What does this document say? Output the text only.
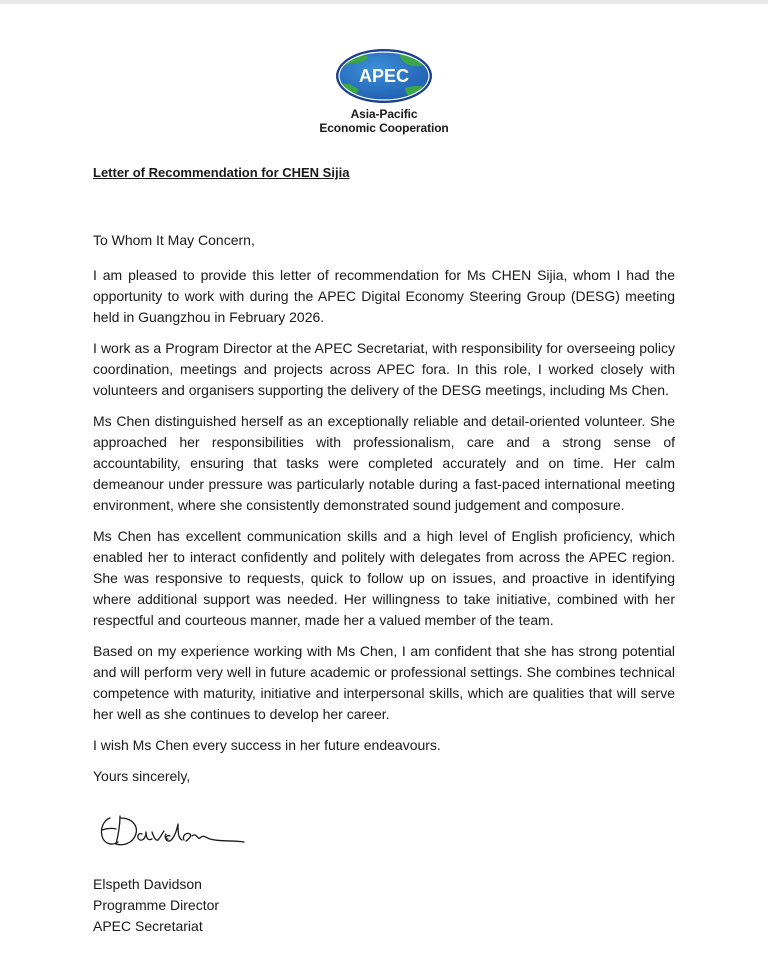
APEC
Asia-Pacific
Economic Cooperation

Letter of Recommendation for CHEN Sijia

To Whom It May Concern,

I am pleased to provide this letter of recommendation for Ms CHEN Sijia, whom I had the opportunity to work with during the APEC Digital Economy Steering Group (DESG) meeting held in Guangzhou in February 2026.

I work as a Program Director at the APEC Secretariat, with responsibility for overseeing policy coordination, meetings and projects across APEC fora. In this role, I worked closely with volunteers and organisers supporting the delivery of the DESG meetings, including Ms Chen.

Ms Chen distinguished herself as an exceptionally reliable and detail-oriented volunteer. She approached her responsibilities with professionalism, care and a strong sense of accountability, ensuring that tasks were completed accurately and on time. Her calm demeanour under pressure was particularly notable during a fast-paced international meeting environment, where she consistently demonstrated sound judgement and composure.

Ms Chen has excellent communication skills and a high level of English proficiency, which enabled her to interact confidently and politely with delegates from across the APEC region. She was responsive to requests, quick to follow up on issues, and proactive in identifying where additional support was needed. Her willingness to take initiative, combined with her respectful and courteous manner, made her a valued member of the team.

Based on my experience working with Ms Chen, I am confident that she has strong potential and will perform very well in future academic or professional settings. She combines technical competence with maturity, initiative and interpersonal skills, which are qualities that will serve her well as she continues to develop her career.

I wish Ms Chen every success in her future endeavours.

Yours sincerely,

Elspeth Davidson
Programme Director
APEC Secretariat
